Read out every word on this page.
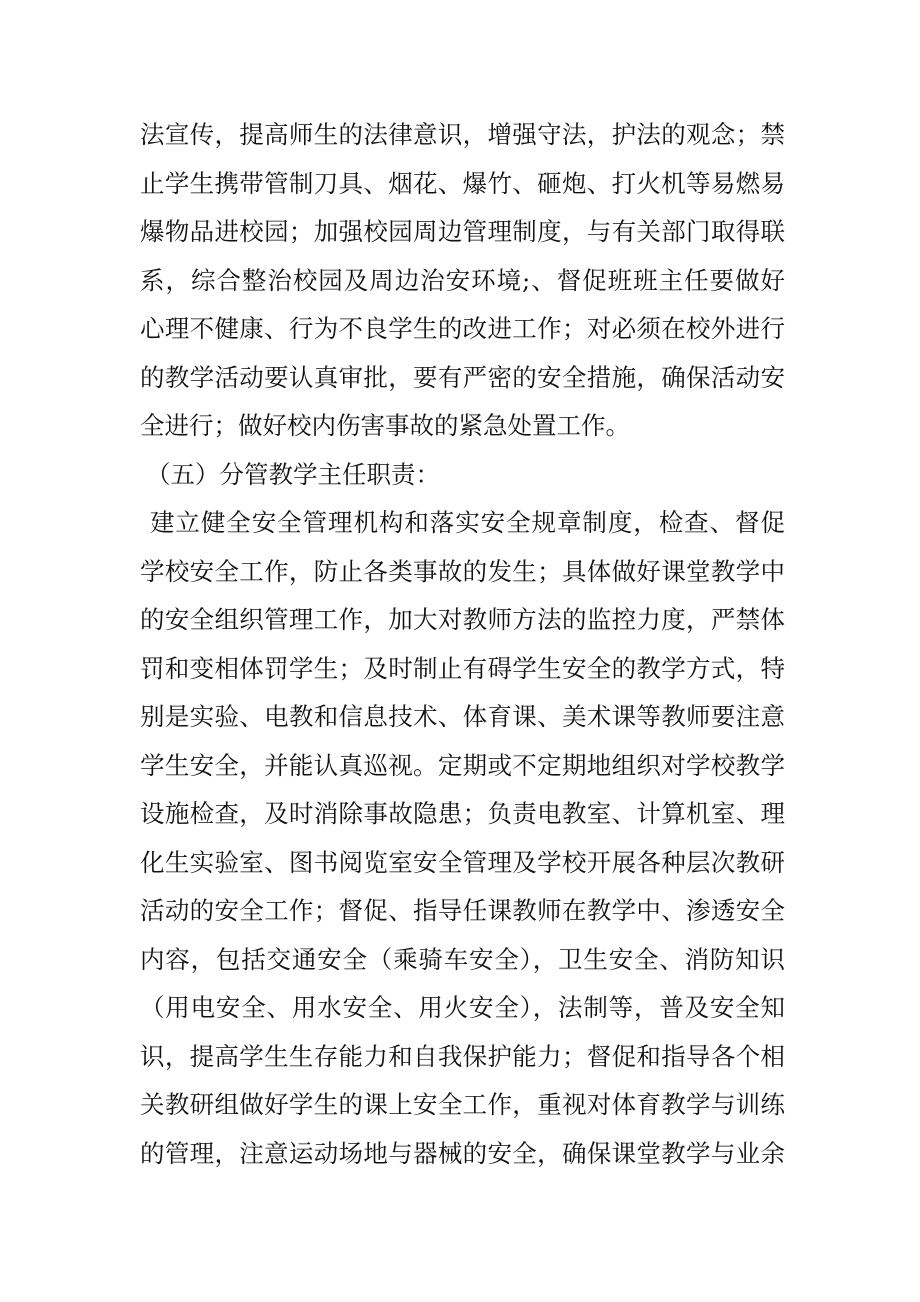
法宣传，提高师生的法律意识，增强守法，护法的观念；禁
止学生携带管制刀具、烟花、爆竹、砸炮、打火机等易燃易
爆物品进校园；加强校园周边管理制度，与有关部门取得联
系，综合整治校园及周边治安环境;、督促班班主任要做好
心理不健康、行为不良学生的改进工作；对必须在校外进行
的教学活动要认真审批，要有严密的安全措施，确保活动安
全进行；做好校内伤害事故的紧急处置工作。
（五）分管教学主任职责：
建立健全安全管理机构和落实安全规章制度，检查、督促
学校安全工作，防止各类事故的发生；具体做好课堂教学中
的安全组织管理工作，加大对教师方法的监控力度，严禁体
罚和变相体罚学生；及时制止有碍学生安全的教学方式，特
别是实验、电教和信息技术、体育课、美术课等教师要注意
学生安全，并能认真巡视。定期或不定期地组织对学校教学
设施检查，及时消除事故隐患；负责电教室、计算机室、理
化生实验室、图书阅览室安全管理及学校开展各种层次教研
活动的安全工作；督促、指导任课教师在教学中、渗透安全
内容，包括交通安全（乘骑车安全），卫生安全、消防知识
（用电安全、用水安全、用火安全），法制等，普及安全知
识，提高学生生存能力和自我保护能力；督促和指导各个相
关教研组做好学生的课上安全工作，重视对体育教学与训练
的管理，注意运动场地与器械的安全，确保课堂教学与业余
